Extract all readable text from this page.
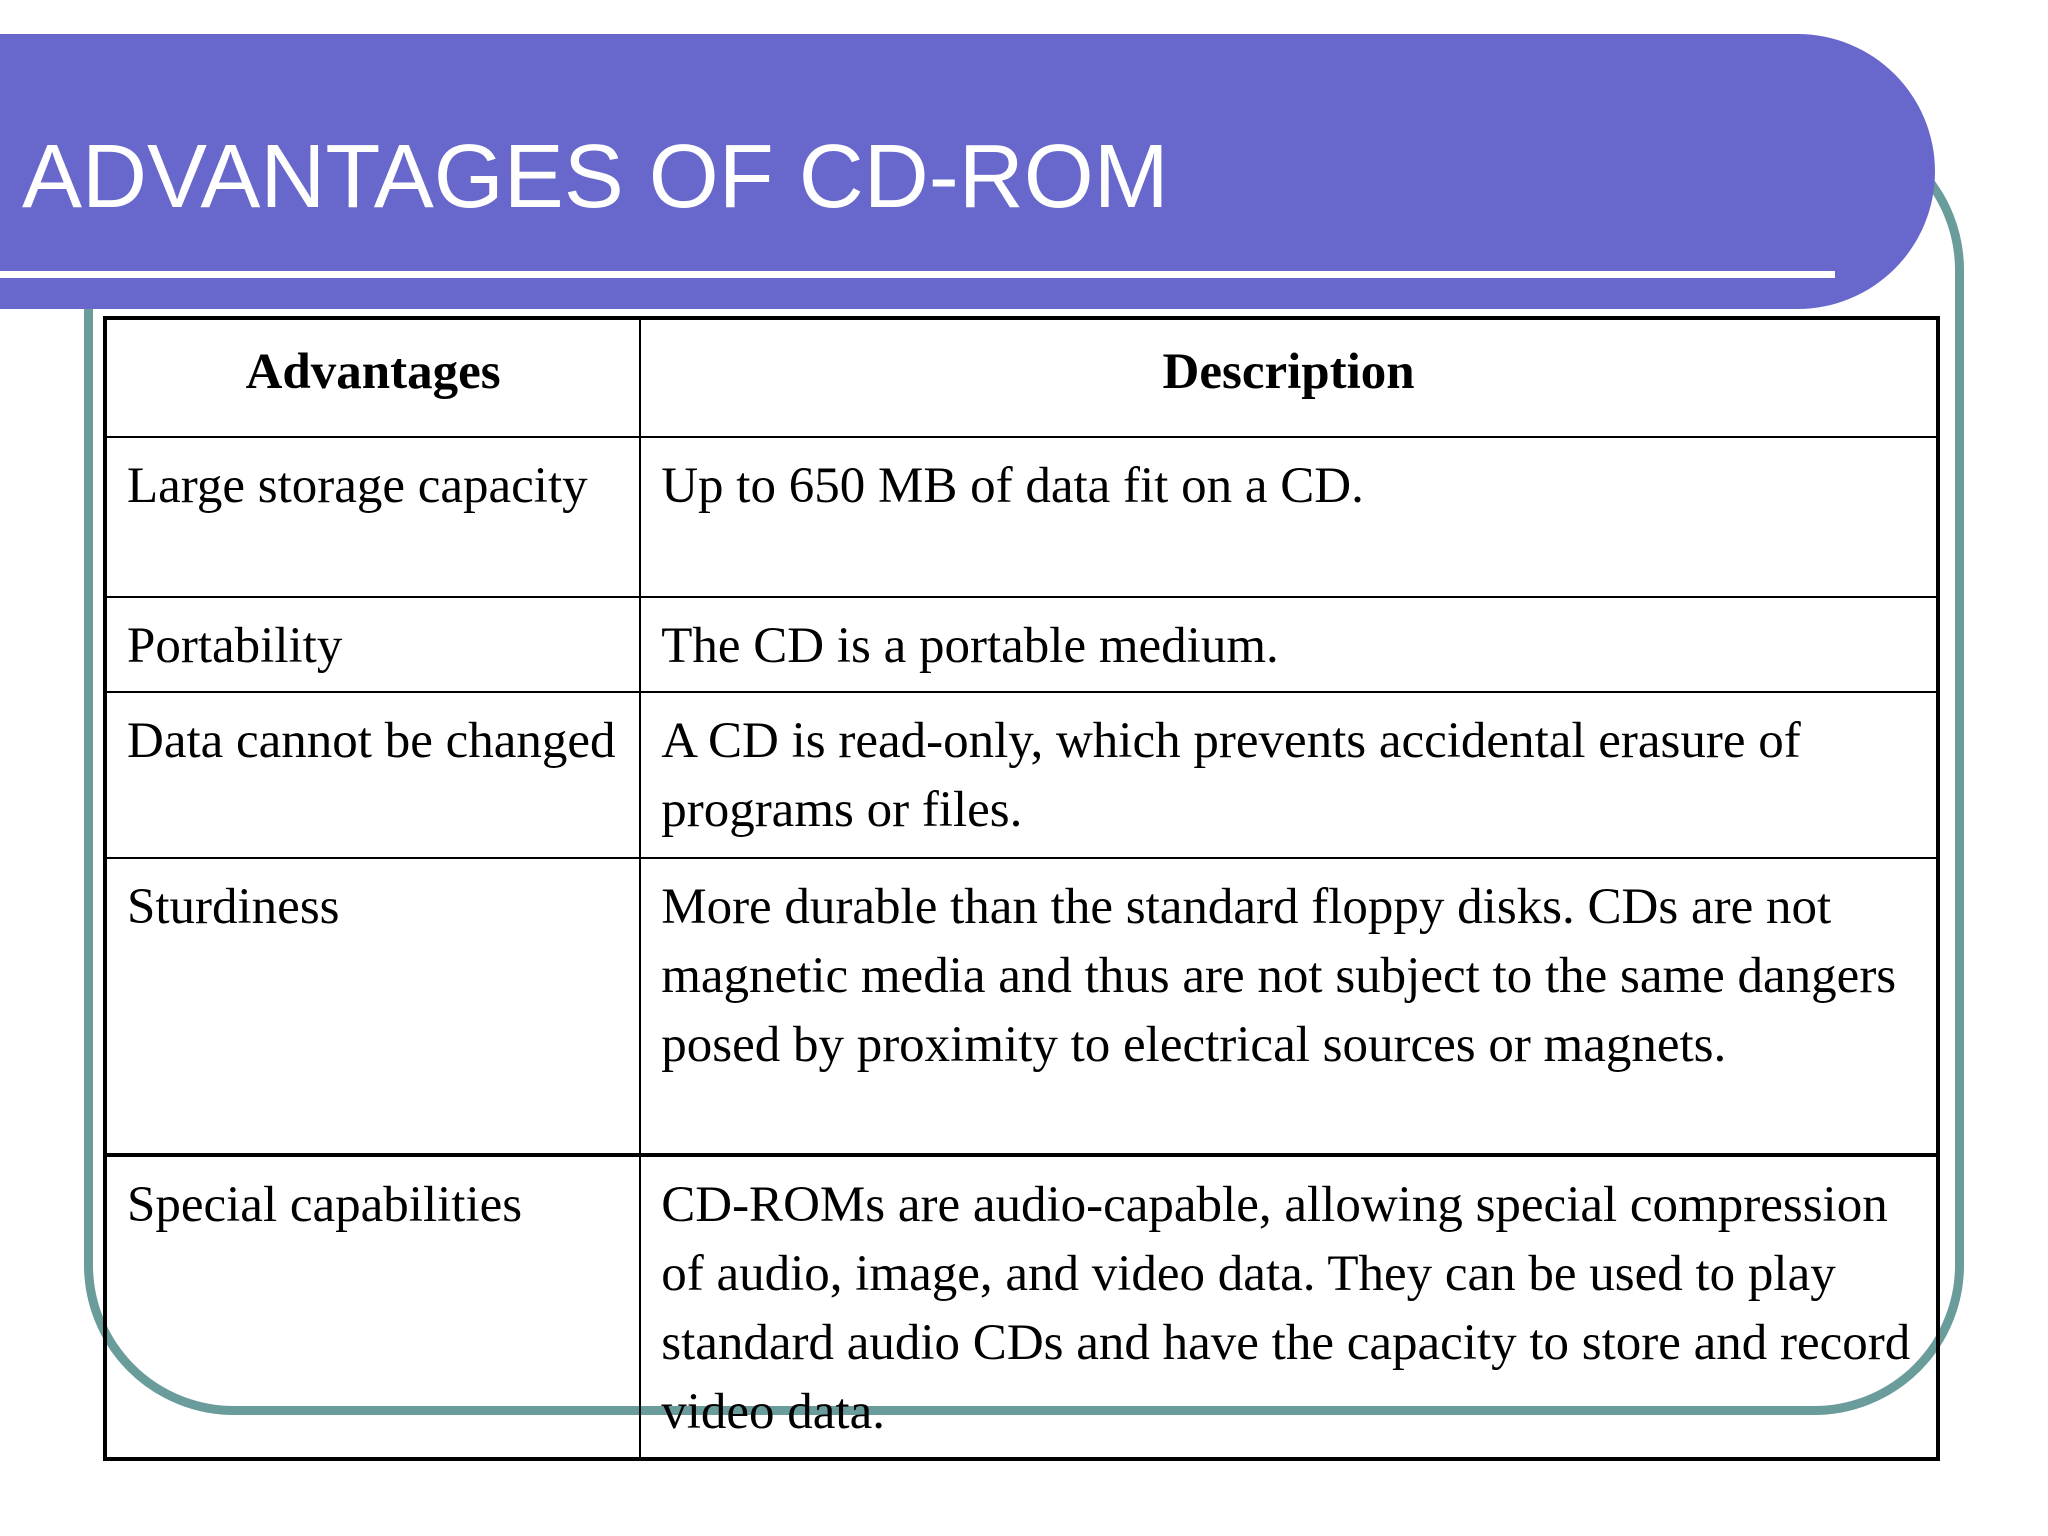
ADVANTAGES OF CD-ROM
Advantages	Description
Large storage capacity	Up to 650 MB of data fit on a CD.
Portability	The CD is a portable medium.
Data cannot be changed	A CD is read-only, which prevents accidental erasure of programs or files.
Sturdiness	More durable than the standard floppy disks. CDs are not magnetic media and thus are not subject to the same dangers posed by proximity to electrical sources or magnets.
Special capabilities	CD-ROMs are audio-capable, allowing special compression of audio, image, and video data. They can be used to play standard audio CDs and have the capacity to store and record video data.
